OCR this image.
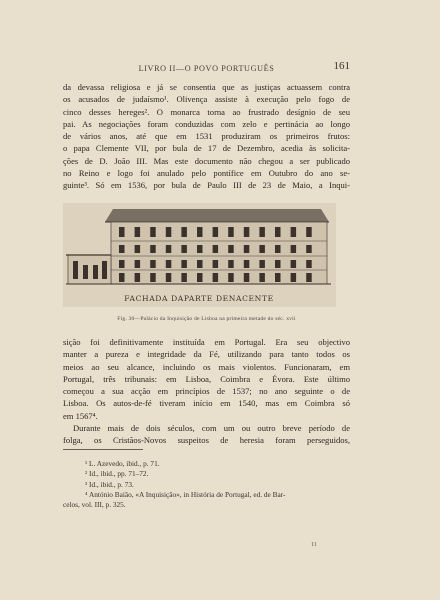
LIVRO II—O POVO PORTUGUÊS	161
da devassa religiosa e já se consentia que as justiças actuassem contra
os acusados de judaísmo¹. Olivença assiste à execução pelo fogo de
cinco desses hereges². O monarca torna ao frustrado desígnio de seu
pai. As negociações foram conduzidas com zelo e pertinácia ao longo
de vários anos, até que em 1531 produziram os primeiros frutos:
o papa Clemente VII, por bula de 17 de Dezembro, acedia às solicita-
ções de D. João III. Mas este documento não chegou a ser publicado
no Reino e logo foi anulado pelo pontífice em Outubro do ano se-
guinte³. Só em 1536, por bula de Paulo III de 23 de Maio, a Inqui-
FACHADA DAPARTE DENACENTE
Fig. 30—Palácio da Inquisição de Lisboa na primeira metade do séc. xvii
sição foi definitivamente instituída em Portugal. Era seu objectivo
manter a pureza e integridade da Fé, utilizando para tanto todos os
meios ao seu alcance, incluindo os mais violentos. Funcionaram, em
Portugal, três tribunais: em Lisboa, Coimbra e Évora. Este último
começou a sua acção em princípios de 1537; no ano seguinte o de
Lisboa. Os autos-de-fé tiveram início em 1540, mas em Coimbra só
em 1567⁴.
Durante mais de dois séculos, com um ou outro breve período de
folga, os Cristãos-Novos suspeitos de heresia foram perseguidos,
¹ L. Azevedo, ibid., p. 71.
² Id., ibid., pp. 71–72.
³ Id., ibid., p. 73.
⁴ António Baião, «A Inquisição», in História de Portugal, ed. de Bar-
celos, vol. III, p. 325.
11
